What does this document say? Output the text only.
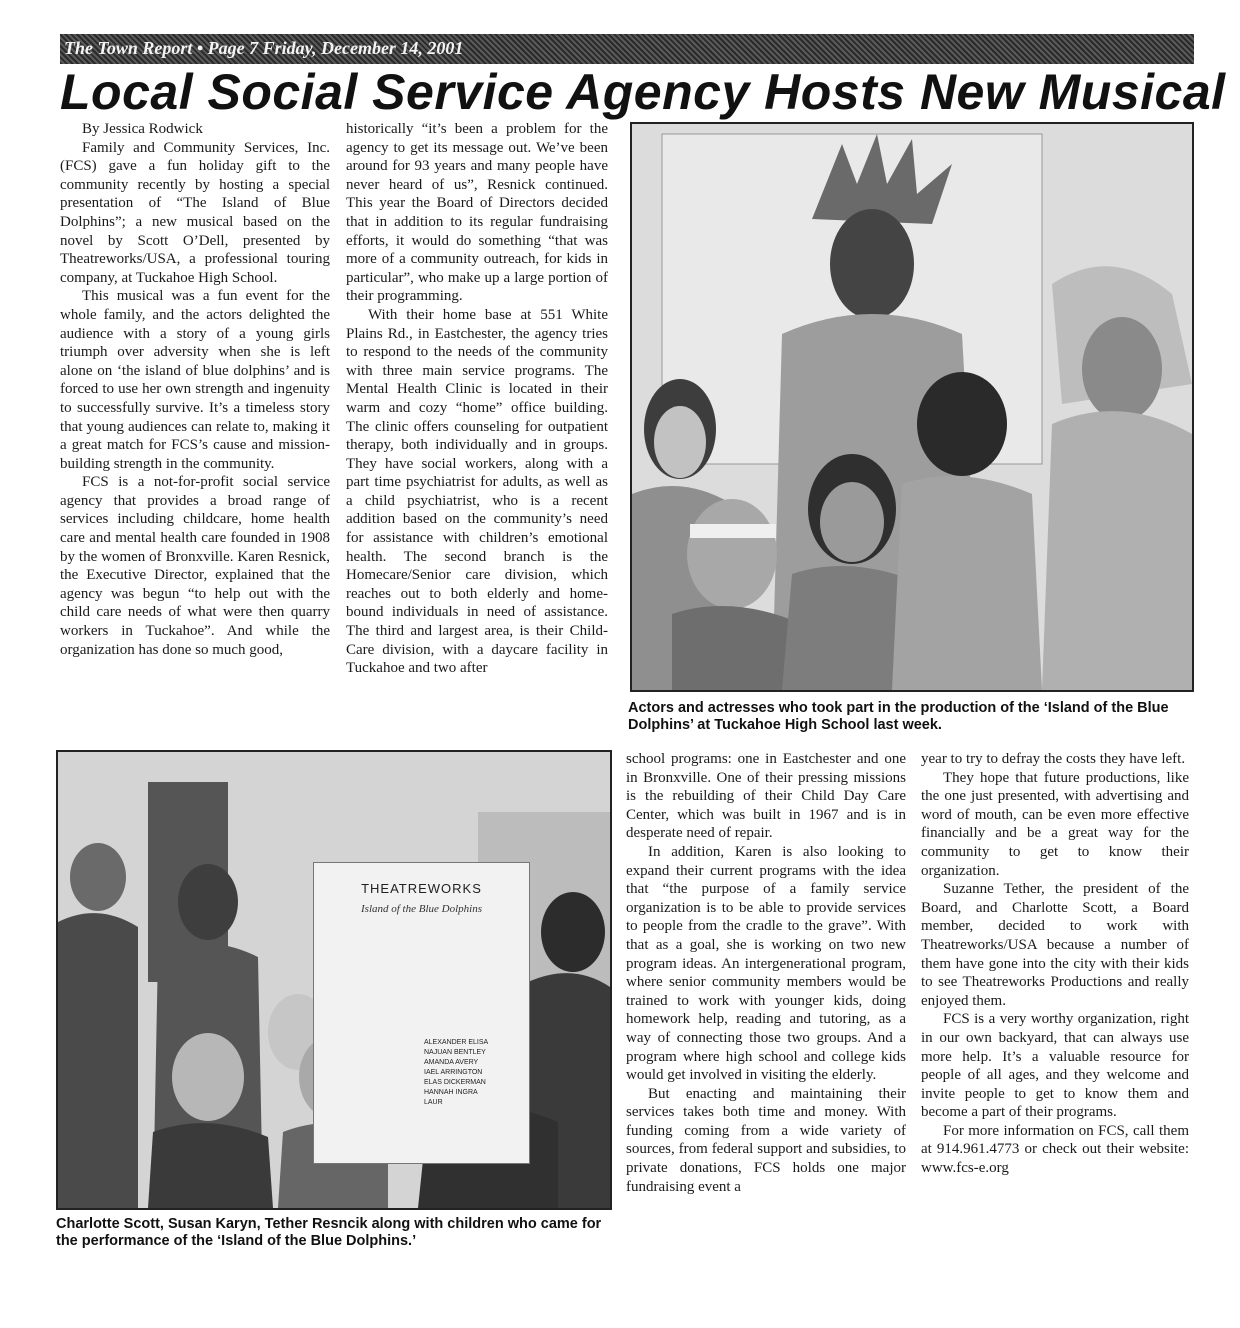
The Town Report • Page 7 Friday, December 14, 2001
Local Social Service Agency Hosts New Musical

By Jessica Rodwick

Family and Community Services, Inc. (FCS) gave a fun holiday gift to the community recently by hosting a special presentation of “The Island of Blue Dolphins”; a new musical based on the novel by Scott O’Dell, presented by Theatreworks/USA, a professional touring company, at Tuckahoe High School.

This musical was a fun event for the whole family, and the actors delighted the audience with a story of a young girls triumph over adversity when she is left alone on ‘the island of blue dolphins’ and is forced to use her own strength and ingenuity to successfully survive. It’s a timeless story that young audiences can relate to, making it a great match for FCS’s cause and mission-building strength in the community.

FCS is a not-for-profit social service agency that provides a broad range of services including childcare, home health care and mental health care founded in 1908 by the women of Bronxville. Karen Resnick, the Executive Director, explained that the agency was begun “to help out with the child care needs of what were then quarry workers in Tuckahoe”. And while the organization has done so much good,

historically “it’s been a problem for the agency to get its message out. We’ve been around for 93 years and many people have never heard of us”, Resnick continued. This year the Board of Directors decided that in addition to its regular fundraising efforts, it would do something “that was more of a community outreach, for kids in particular”, who make up a large portion of their programming.

With their home base at 551 White Plains Rd., in Eastchester, the agency tries to respond to the needs of the community with three main service programs. The Mental Health Clinic is located in their warm and cozy “home” office building. The clinic offers counseling for outpatient therapy, both individually and in groups. They have social workers, along with a part time psychiatrist for adults, as well as a child psychiatrist, who is a recent addition based on the community’s need for assistance with children’s emotional health. The second branch is the Homecare/Senior care division, which reaches out to both elderly and home-bound individuals in need of assistance. The third and largest area, is their Child-Care division, with a daycare facility in Tuckahoe and two after

Actors and actresses who took part in the production of the ‘Island of the Blue Dolphins’ at Tuckahoe High School last week.
THEATREWORKS
Island of the Blue Dolphins
ALEXANDER ELISA
NAJUAN BENTLEY
AMANDA AVERY
IAEL ARRINGTON
ELAS DICKERMAN
HANNAH INGRA
LAUR
Charlotte Scott, Susan Karyn, Tether Resncik along with children who came for the performance of the ‘Island of the Blue Dolphins.’

school programs: one in Eastchester and one in Bronxville. One of their pressing missions is the rebuilding of their Child Day Care Center, which was built in 1967 and is in desperate need of repair.

In addition, Karen is also looking to expand their current programs with the idea that “the purpose of a family service organization is to be able to provide services to people from the cradle to the grave”. With that as a goal, she is working on two new program ideas. An intergenerational program, where senior community members would be trained to work with younger kids, doing homework help, reading and tutoring, as a way of connecting those two groups. And a program where high school and college kids would get involved in visiting the elderly.

But enacting and maintaining their services takes both time and money. With funding coming from a wide variety of sources, from federal support and subsidies, to private donations, FCS holds one major fundraising event a

year to try to defray the costs they have left.

They hope that future productions, like the one just presented, with advertising and word of mouth, can be even more effective financially and be a great way for the community to get to know their organization.

Suzanne Tether, the president of the Board, and Charlotte Scott, a Board member, decided to work with Theatreworks/USA because a number of them have gone into the city with their kids to see Theatreworks Productions and really enjoyed them.

FCS is a very worthy organization, right in our own backyard, that can always use more help. It’s a valuable resource for people of all ages, and they welcome and invite people to get to know them and become a part of their programs.

For more information on FCS, call them at 914.961.4773 or check out their website: www.fcs-e.org
